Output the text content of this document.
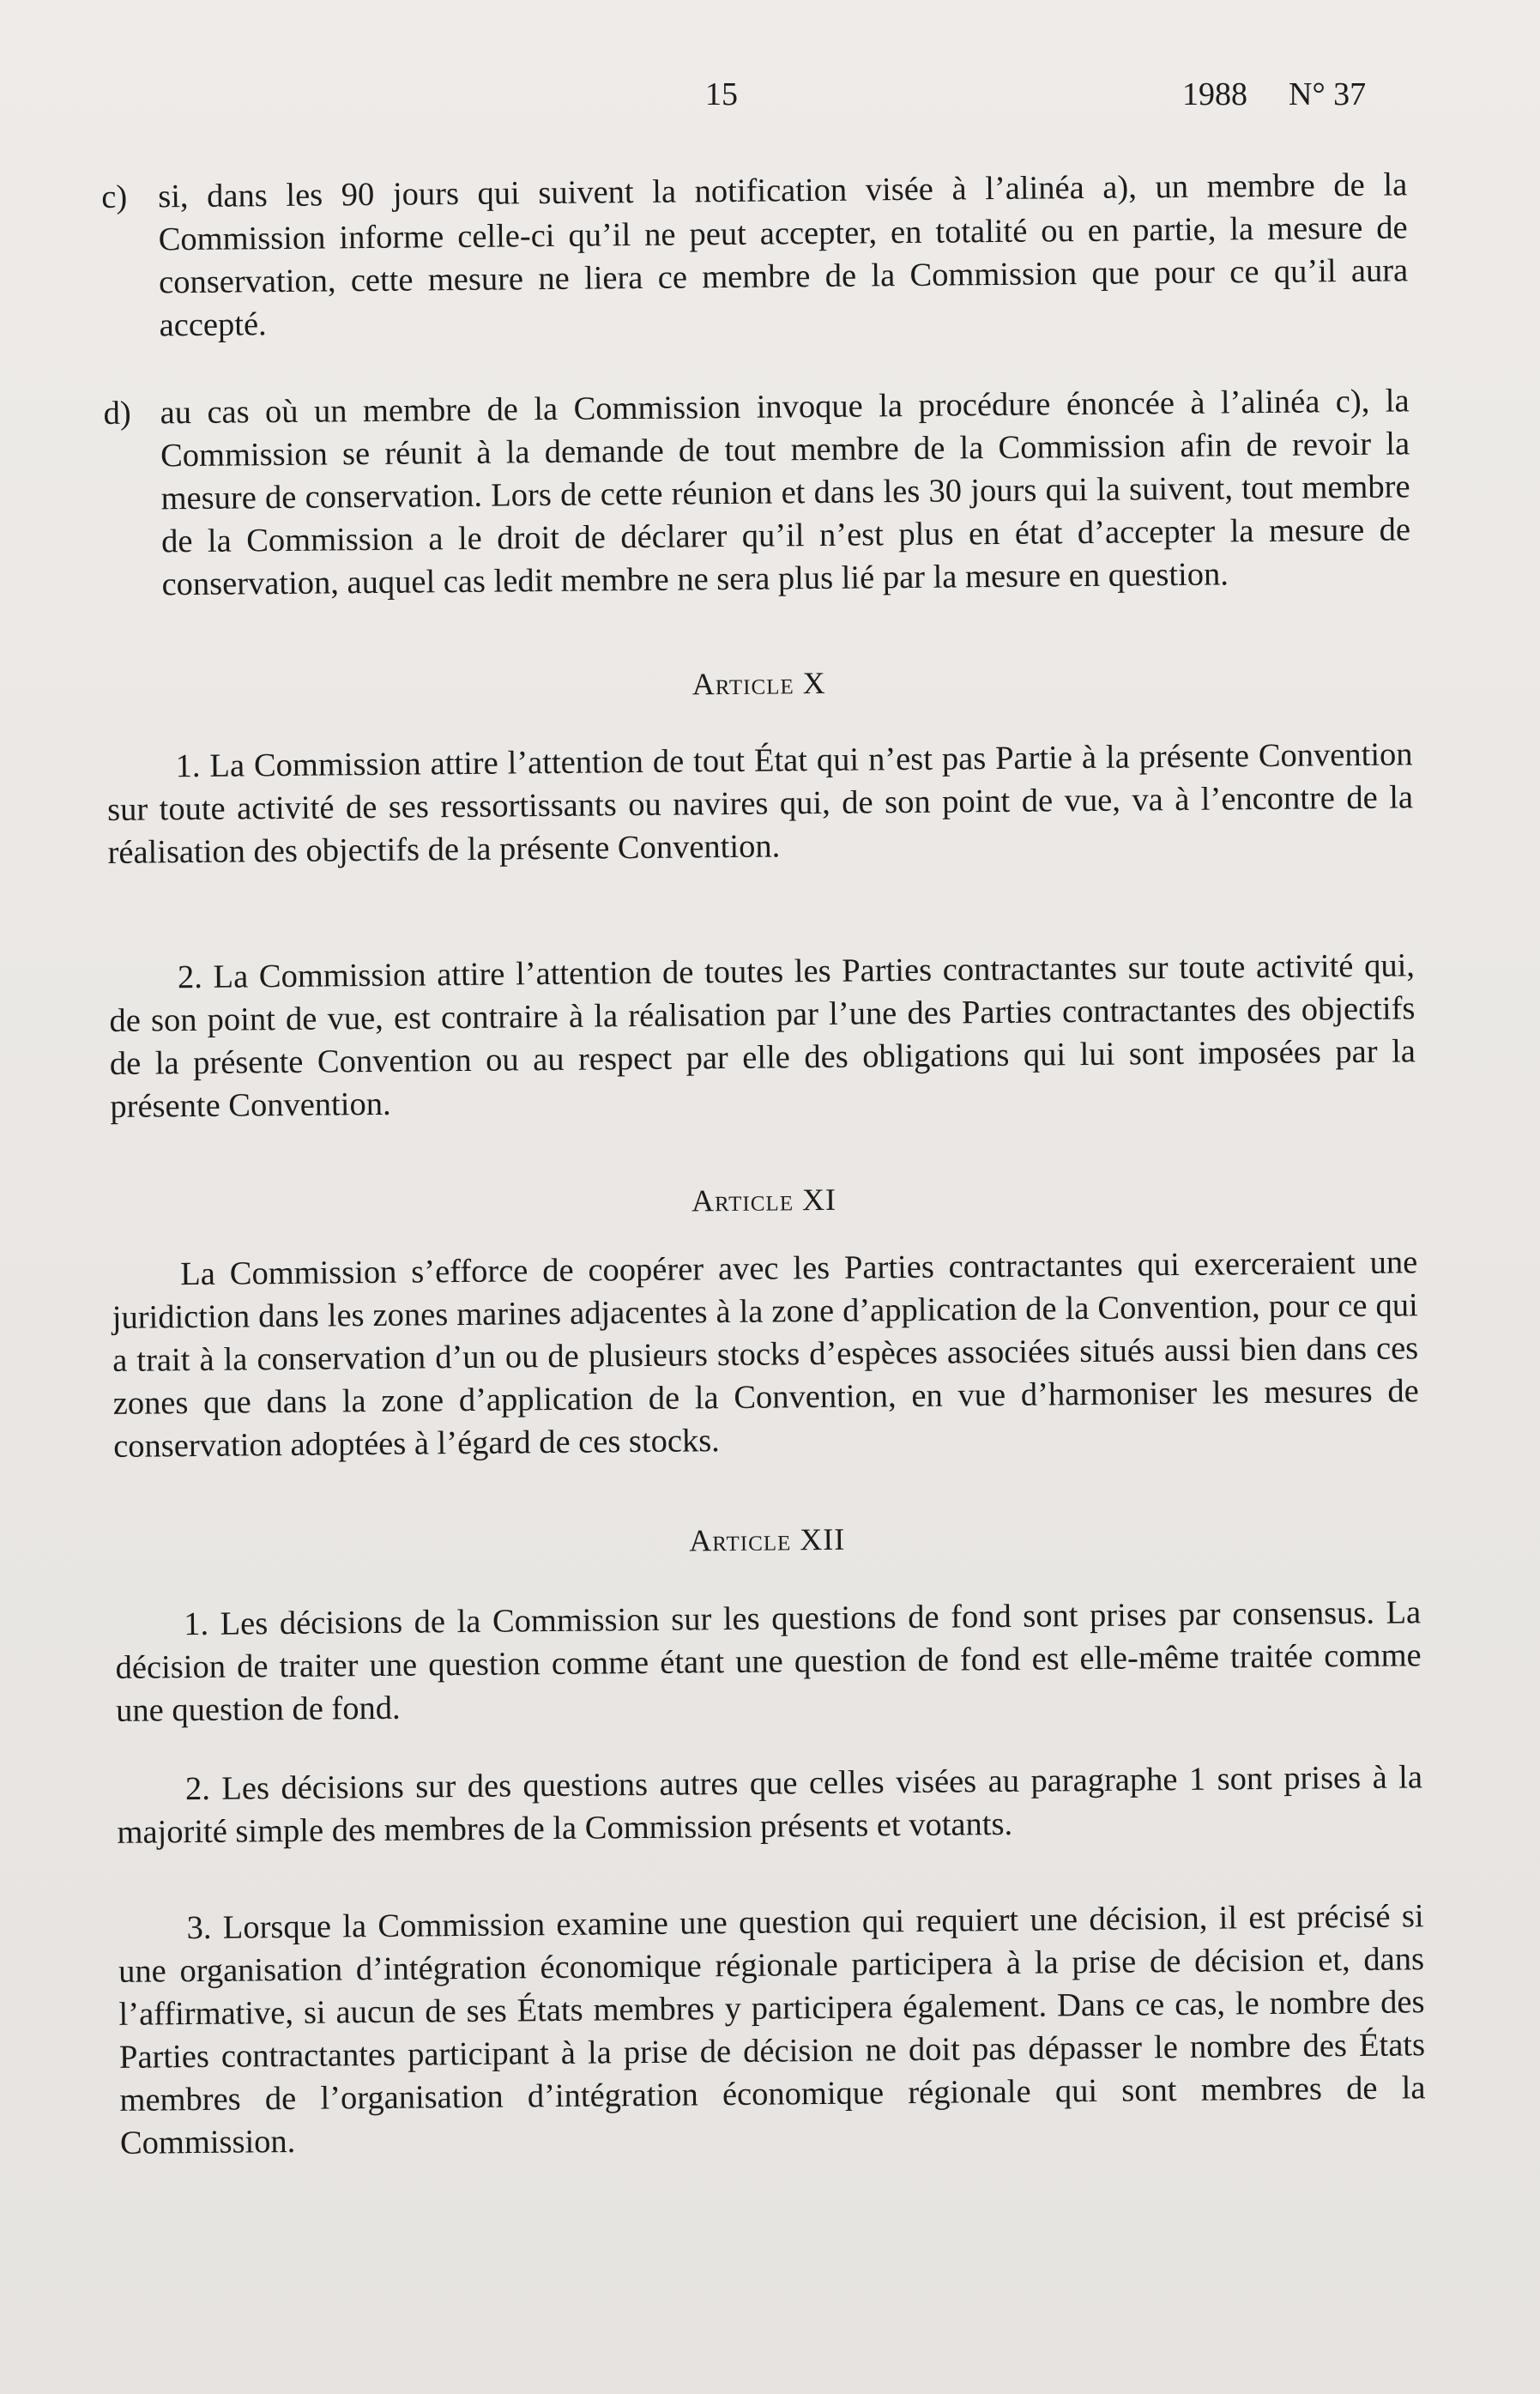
15	1988 N° 37
c) si, dans les 90 jours qui suivent la notification visée à l’alinéa a), un membre de la Commission informe celle-ci qu’il ne peut accepter, en totalité ou en partie, la mesure de conservation, cette mesure ne liera ce membre de la Commission que pour ce qu’il aura accepté.
d) au cas où un membre de la Commission invoque la procédure énoncée à l’alinéa c), la Commission se réunit à la demande de tout membre de la Commission afin de revoir la mesure de conservation. Lors de cette réunion et dans les 30 jours qui la suivent, tout membre de la Commission a le droit de déclarer qu’il n’est plus en état d’accepter la mesure de conservation, auquel cas ledit membre ne sera plus lié par la mesure en question.

Article X

1. La Commission attire l’attention de tout État qui n’est pas Partie à la présente Convention sur toute activité de ses ressortissants ou navires qui, de son point de vue, va à l’encontre de la réalisation des objectifs de la présente Convention.

2. La Commission attire l’attention de toutes les Parties contractantes sur toute activité qui, de son point de vue, est contraire à la réalisation par l’une des Parties contractantes des objectifs de la présente Convention ou au respect par elle des obligations qui lui sont imposées par la présente Convention.

Article XI

La Commission s’efforce de coopérer avec les Parties contractantes qui exerceraient une juridiction dans les zones marines adjacentes à la zone d’application de la Convention, pour ce qui a trait à la conservation d’un ou de plusieurs stocks d’espèces associées situés aussi bien dans ces zones que dans la zone d’application de la Convention, en vue d’harmoniser les mesures de conservation adoptées à l’égard de ces stocks.

Article XII

1. Les décisions de la Commission sur les questions de fond sont prises par consensus. La décision de traiter une question comme étant une question de fond est elle-même traitée comme une question de fond.

2. Les décisions sur des questions autres que celles visées au paragraphe 1 sont prises à la majorité simple des membres de la Commission présents et votants.

3. Lorsque la Commission examine une question qui requiert une décision, il est précisé si une organisation d’intégration économique régionale participera à la prise de décision et, dans l’affirmative, si aucun de ses États membres y participera également. Dans ce cas, le nombre des Parties contractantes participant à la prise de décision ne doit pas dépasser le nombre des États membres de l’organisation d’intégration économique régionale qui sont membres de la Commission.
